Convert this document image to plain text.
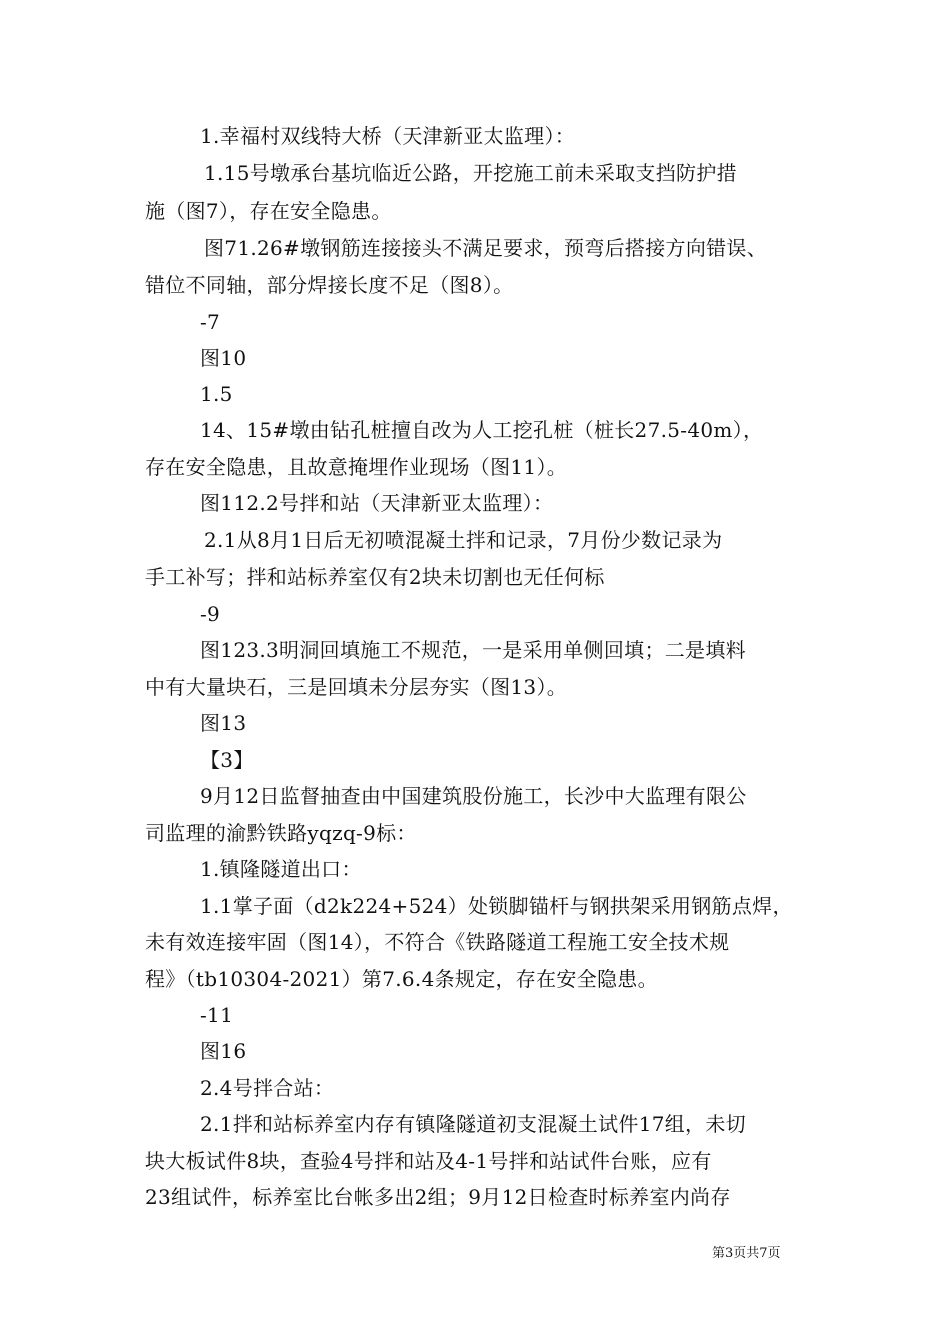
1.幸福村双线特大桥（天津新亚太监理）：
1.15号墩承台基坑临近公路，开挖施工前未采取支挡防护措
施（图7），存在安全隐患。
图71.26#墩钢筋连接接头不满足要求，预弯后搭接方向错误、
错位不同轴，部分焊接长度不足（图8）。
-7
图10
1.5
14、15#墩由钻孔桩擅自改为人工挖孔桩（桩长27.5-40m），
存在安全隐患，且故意掩埋作业现场（图11）。
图112.2号拌和站（天津新亚太监理）：
2.1从8月1日后无初喷混凝土拌和记录，7月份少数记录为
手工补写；拌和站标养室仅有2块未切割也无任何标
-9
图123.3明洞回填施工不规范，一是采用单侧回填；二是填料
中有大量块石，三是回填未分层夯实（图13）。
图13
【3】
9月12日监督抽查由中国建筑股份施工，长沙中大监理有限公
司监理的渝黔铁路yqzq-9标：
1.镇隆隧道出口：
1.1掌子面（d2k224+524）处锁脚锚杆与钢拱架采用钢筋点焊，
未有效连接牢固（图14），不符合《铁路隧道工程施工安全技术规
程》（tb10304-2021）第7.6.4条规定，存在安全隐患。
-11
图16
2.4号拌合站：
2.1拌和站标养室内存有镇隆隧道初支混凝土试件17组，未切
块大板试件8块，查验4号拌和站及4-1号拌和站试件台账，应有
23组试件，标养室比台帐多出2组；9月12日检查时标养室内尚存
第3页共7页
